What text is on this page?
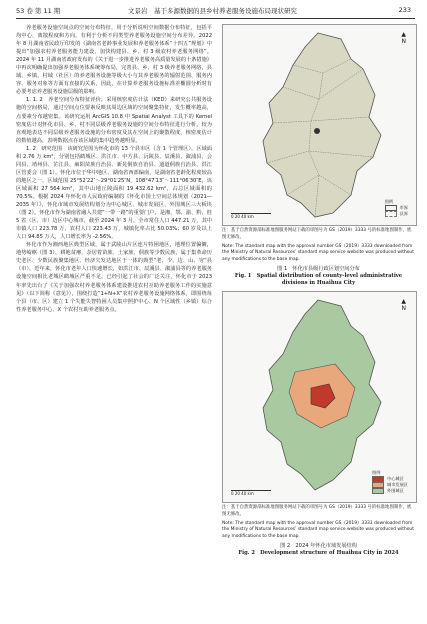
53 卷 第 11 期	文景岩　基于多源数据的县乡村养老服务设施布局现状研究	233

养老服务设施空间点的空间分布特征，用于分析说明空间数据分布特征，包括平均中心、离散程度和方向，有利于分析不同类型养老服务设施空间分布差异。2022 年 8 月湖南省民政厅印发的《湖南省老龄事业发展和养老服务体系“十四五”规划》中提出“加强农村养老服务能力建设，加快构建县、乡、村 3 级农村养老服务网络”。2024 年 11 月湖南省政府发布的《关于进一步推进养老服务高质量发展的十条措施》中再次明确提出加强养老服务体系统筹布局，完善县、乡、村 3 级养老服务网络，县域、乡镇、村域（社区）的养老服务设施等级大小与其养老服务的辐射范围、服务内容、服务对象等方面有直接的关系，因此，在计算养老服务设施标准差椭圆分析时有必要考虑养老服务设施层级的影响。

1. 1. 2　养老空间分布特征评价。采用核密度估计法（KED）来研究公共服务设施的空间格局，通过空间点位要素反映其周边区域的空间聚集特征，发生概率越高，点要素分布越密集。该研究运用 ArcGIS 10.8 中 Spatial Analyst 工具下的 Kernel 密度估计对怀化市县、乡、村不同层级养老服务设施的空间分布特征进行分析，较为直观地表达不同层级养老服务设施的分布密度及其在空间上的聚散程度，核密度估计的数值越高，表明数据点在该区域的集中趋势越明显。

1. 2　研究范围　该研究范围为怀化市的 13 个县市区（含 1 个管理区），区域面积 2.76 万 km²，分别包括鹤城区、洪江市、中方县、沅陵县、辰溪县、溆浦县、会同县、靖州县、芷江县、麻阳苗族自治县、新晃侗族自治县、通道侗族自治县、洪江区管委会（图 1）。怀化市位于华中地区、湖南省西部偏南，是湖南省老龄化程度较高的地区之一，区域范围 25°52′22″～29°01′25″N，108°47′13″～111°06′30″E，该区域面积 27 564 km²，其中山地丘陵面积 19 432.62 km²，占总区域面积的 70.5%。根据 2024 年怀化市人民政府编制的《怀化市国土空间总体规划（2021—2035 年）》，怀化市域市发展结构划分为中心城区、城市发展区、外围城区三大板块（图 2）。怀化市作为湖南省融入共建“一带一路”的重要门户，是湘、鄂、渝、黔、桂 5 省（区、市）边区中心城市，截至 2024 年 3 月，全市常住人口 447.21 万，其中市镇人口 223.78 万，农村人口 223.43 万，城镇化率占比 50.03%；60 岁及以上人口 94.85 万人，人口增长率为 -2.56%。

怀化市作为湘西地区典型区域，属于武陵山片区连片特困地区，地理位置偏僻，地势崎岖（图 3），耕地贫瘠，杂居着苗族、土家族、侗族等少数民族，属于集革命历史老区、少数民族聚集地区、经济欠发达地区于一体的典型“老、少、边、山、穷”县（市）。近年来，怀化市老年人口快速增长，如洪江市、辰溪县、溆浦县等的养老服务设施空间相比老城区鹤城区严重不足，已经引起了社会的广泛关注，怀化市于 2023 年率先出台了《关于加强农村养老服务体系建设推进农村互助养老服务工作的实施意见》（以下简称《意见》），围绕打造“1+N+X”农村养老服务设施网络体系，即围绕每个县（市、区）建立 1 个失能失智特困人员集中照护中心、N 个区域性（乡镇）综合性养老服务中心、X 个农村互助养老服务点。

▲
N
图例
市界
县界
0 20 40 km
注：基于自然资源部标准地图服务网站下载的审图号为 GS（2019）3333 号的标准地图制作，底图无修改。
Note: The standard map with the approval number GS（2019）3333 downloaded from the Ministry of Natural Resources’ standard map service website was produced without any modifications to the base map.
图 1　怀化市县级行政区划空间分布
Fig. 1　Spatial distribution of county-level administrative divisions in Huaihua City
▲
N
图例
中心城区
城市发展区
外围城区
0 20 40 km
注：基于自然资源部标准地图服务网站下载的审图号为 GS（2019）3333 号的标准地图制作，底图无修改。
Note: The standard map with the approval number GS（2019）3333 downloaded from the Ministry of Natural Resources’ standard map service website was produced without any modifications to the base map.
图 2　2024 年怀化市域发展结构
Fig. 2　Development structure of Huaihua City in 2024
